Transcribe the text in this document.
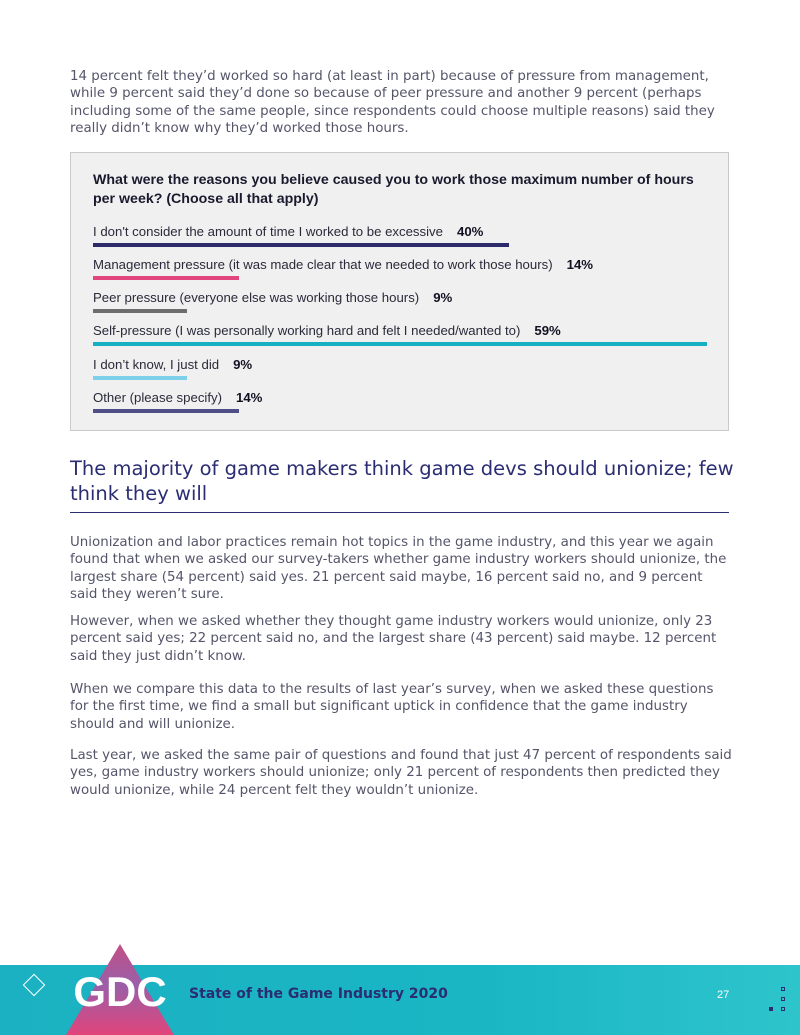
14 percent felt they’d worked so hard (at least in part) because of pressure from management, while 9 percent said they’d done so because of peer pressure and another 9 percent (perhaps including some of the same people, since respondents could choose multiple reasons) said they really didn’t know why they’d worked those hours.

What were the reasons you believe caused you to work those maximum number of hours per week? (Choose all that apply)
I don't consider the amount of time I worked to be excessive 40%
Management pressure (it was made clear that we needed to work those hours) 14%
Peer pressure (everyone else was working those hours) 9%
Self-pressure (I was personally working hard and felt I needed/wanted to) 59%
I don’t know, I just did 9%
Other (please specify) 14%
The majority of game makers think game devs should unionize; few think they will

Unionization and labor practices remain hot topics in the game industry, and this year we again found that when we asked our survey-takers whether game industry workers should unionize, the largest share (54 percent) said yes. 21 percent said maybe, 16 percent said no, and 9 percent said they weren’t sure.

However, when we asked whether they thought game industry workers would unionize, only 23 percent said yes; 22 percent said no, and the largest share (43 percent) said maybe. 12 percent said they just didn’t know.

When we compare this data to the results of last year’s survey, when we asked these questions for the first time, we find a small but significant uptick in confidence that the game industry should and will unionize.

Last year, we asked the same pair of questions and found that just 47 percent of respondents said yes, game industry workers should unionize; only 21 percent of respondents then predicted they would unionize, while 24 percent felt they wouldn’t unionize.

GDC State of the Game Industry 2020	27
